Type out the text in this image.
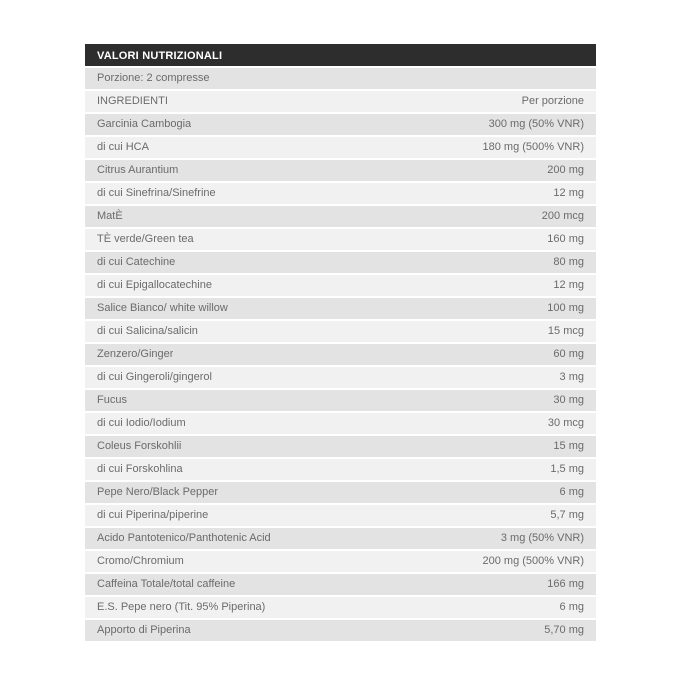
VALORI NUTRIZIONALI
Porzione: 2 compresse
INGREDIENTI	Per porzione
Garcinia Cambogia	300 mg (50% VNR)
di cui HCA	180 mg (500% VNR)
Citrus Aurantium	200 mg
di cui Sinefrina/Sinefrine	12 mg
MatÈ	200 mcg
TÈ verde/Green tea	160 mg
di cui Catechine	80 mg
di cui Epigallocatechine	12 mg
Salice Bianco/ white willow	100 mg
di cui Salicina/salicin	15 mcg
Zenzero/Ginger	60 mg
di cui Gingeroli/gingerol	3 mg
Fucus	30 mg
di cui Iodio/Iodium	30 mcg
Coleus Forskohlii	15 mg
di cui Forskohlina	1,5 mg
Pepe Nero/Black Pepper	6 mg
di cui Piperina/piperine	5,7 mg
Acido Pantotenico/Panthotenic Acid	3 mg (50% VNR)
Cromo/Chromium	200 mg (500% VNR)
Caffeina Totale/total caffeine	166 mg
E.S. Pepe nero (Tit. 95% Piperina)	6 mg
Apporto di Piperina	5,70 mg
